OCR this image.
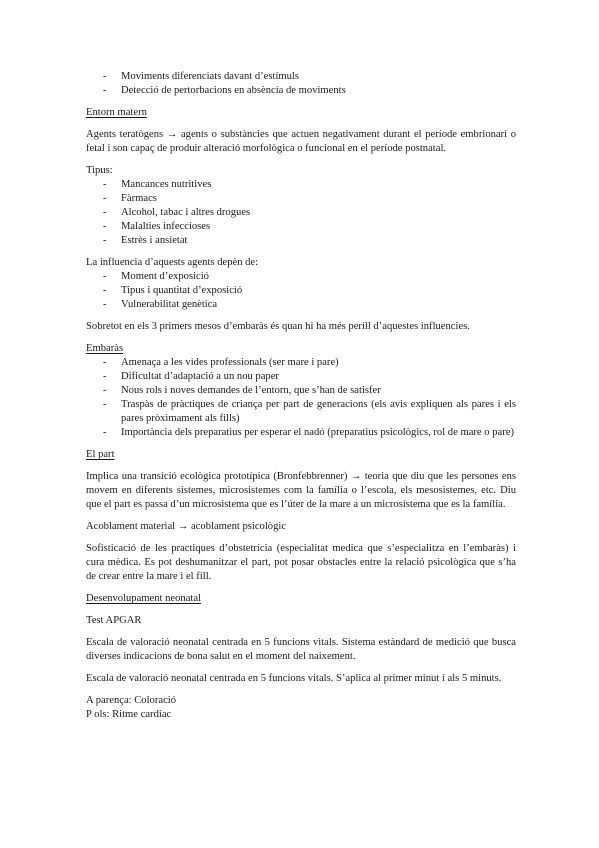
- Moviments diferenciats davant d’estímuls
- Detecció de pertorbacions en absència de moviments

Entorn matern

Agents teratògens → agents o substàncies que actuen negativament durant el període embrionari o fetal i son capaç de produir alteració morfològica o funcional en el període postnatal.

Tipus:

- Mancances nutritives
- Fàrmacs
- Alcohol, tabac i altres drogues
- Malalties infeccioses
- Estrès i ansietat

La influencia d’aquests agents depèn de:

- Moment d’exposició
- Tipus i quantitat d’exposició
- Vulnerabilitat genètica

Sobretot en els 3 primers mesos d’embaràs és quan hi ha més perill d’aquestes influencies.

Embaràs

- Amenaça a les vides professionals (ser mare i pare)
- Dificultat d’adaptació a un nou paper
- Nous rols i noves demandes de l’entorn, que s’han de satisfer
- Traspàs de pràctiques de criança per part de generacions (els avis expliquen als pares i els pares pròximament als fills)
- Importància dels preparatius per esperar el nadó (preparatius psicològics, rol de mare o pare)

El part

Implica una transició ecològica prototípica (Bronfebbrenner) → teoria que diu que les persones ens movem en diferents sistemes, microsistemes com la família o l’escola, els mesosistemes, etc. Diu que el part es passa d’un microsistema que es l’úter de la mare a un microsistema que es la família.

Acoblament material → acoblament psicològic

Sofisticació de les practiques d’obstetrícia (especialitat medica que s’especialitza en l’embaràs) i cura mèdica. Es pot deshumanitzar el part, pot posar obstacles entre la relació psicològica que s’ha de crear entre la mare i el fill.

Desenvolupament neonatal

Test APGAR

Escala de valoració neonatal centrada en 5 funcions vitals. Sistema estàndard de medició que busca diverses indicacions de bona salut en el moment del naixement.

Escala de valoració neonatal centrada en 5 funcions vitals. S’aplica al primer minut i als 5 minuts.

A parença: Coloració

P ols: Ritme cardiac
